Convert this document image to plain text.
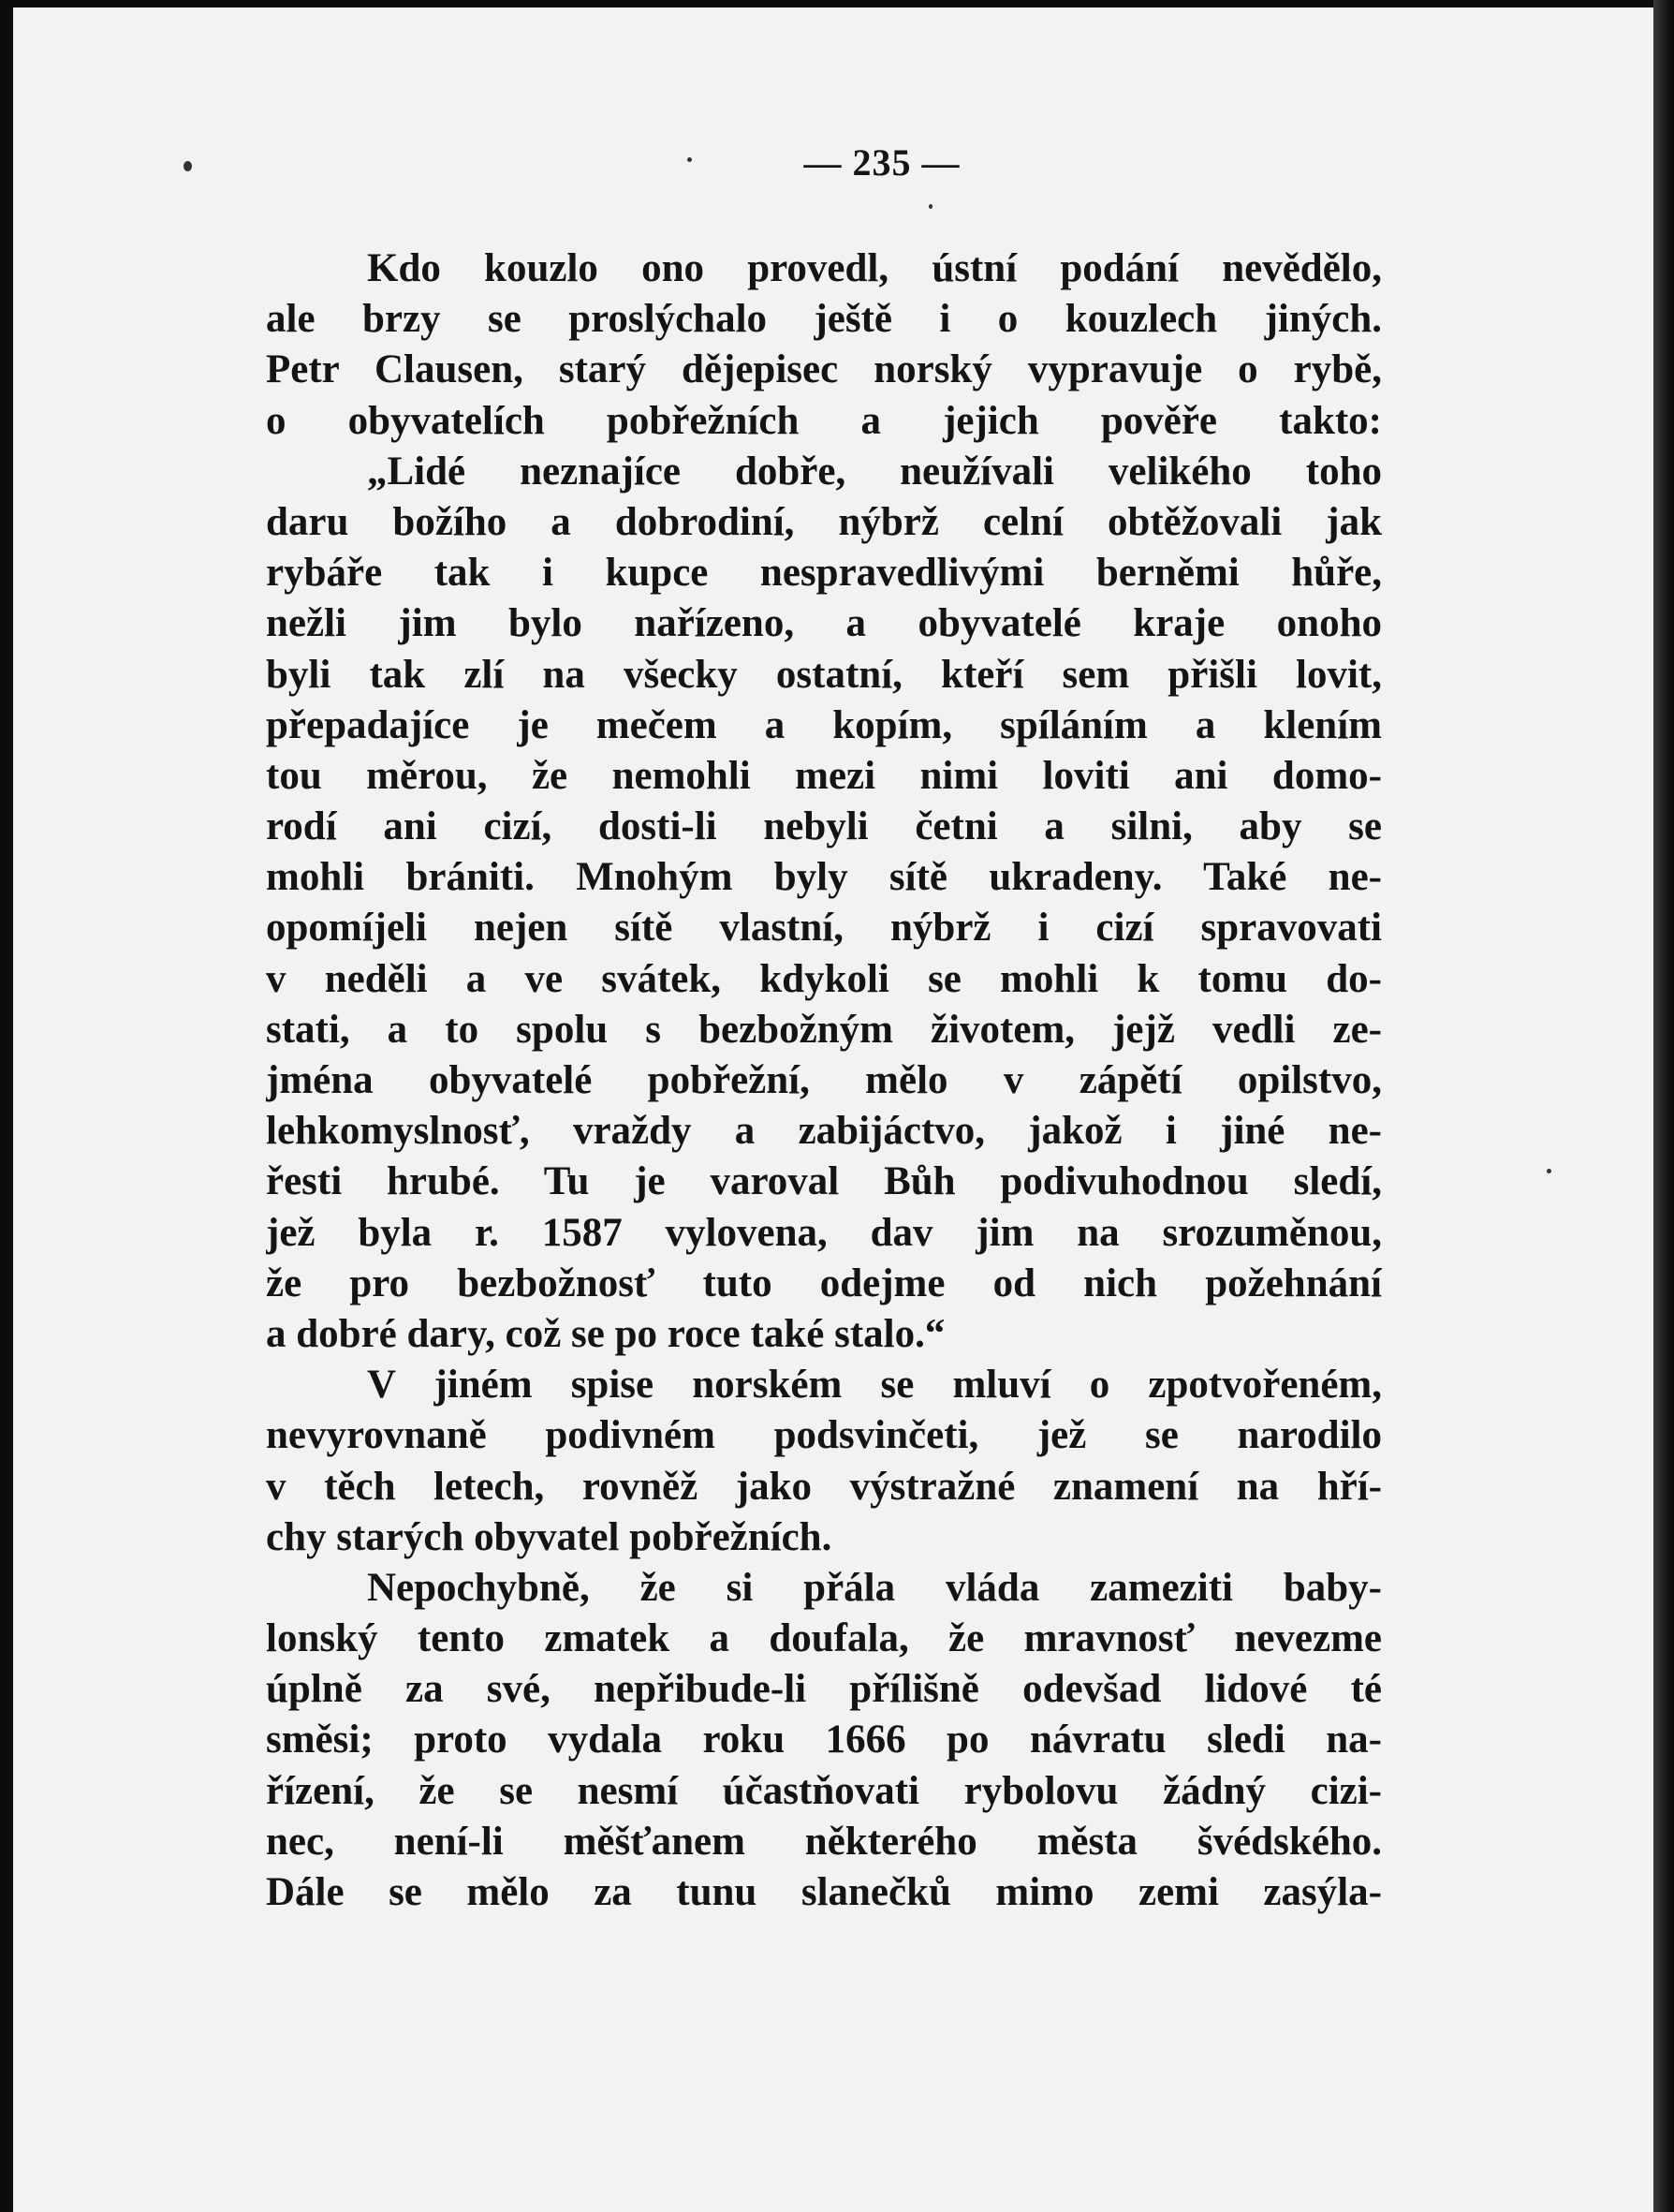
— 235 —
Kdo kouzlo ono provedl, ústní podání nevědělo,
ale brzy se proslýchalo ještě i o kouzlech jiných.
Petr Clausen, starý dějepisec norský vypravuje o rybě,
o obyvatelích pobřežních a jejich pověře takto:
„Lidé neznajíce dobře, neužívali velikého toho
daru božího a dobrodiní, nýbrž celní obtěžovali jak
rybáře tak i kupce nespravedlivými berněmi hůře,
nežli jim bylo nařízeno, a obyvatelé kraje onoho
byli tak zlí na všecky ostatní, kteří sem přišli lovit,
přepadajíce je mečem a kopím, spíláním a klením
tou měrou, že nemohli mezi nimi loviti ani domo-
rodí ani cizí, dosti-li nebyli četni a silni, aby se
mohli brániti. Mnohým byly sítě ukradeny. Také ne-
opomíjeli nejen sítě vlastní, nýbrž i cizí spravovati
v neděli a ve svátek, kdykoli se mohli k tomu do-
stati, a to spolu s bezbožným životem, jejž vedli ze-
jména obyvatelé pobřežní, mělo v zápětí opilstvo,
lehkomyslnosť, vraždy a zabijáctvo, jakož i jiné ne-
řesti hrubé. Tu je varoval Bůh podivuhodnou sledí,
jež byla r. 1587 vylovena, dav jim na srozuměnou,
že pro bezbožnosť tuto odejme od nich požehnání
a dobré dary, což se po roce také stalo.“
V jiném spise norském se mluví o zpotvořeném,
nevyrovnaně podivném podsvinčeti, jež se narodilo
v těch letech, rovněž jako výstražné znamení na hří-
chy starých obyvatel pobřežních.
Nepochybně, že si přála vláda zameziti baby-
lonský tento zmatek a doufala, že mravnosť nevezme
úplně za své, nepřibude-li přílišně odevšad lidové té
směsi; proto vydala roku 1666 po návratu sledi na-
řízení, že se nesmí účastňovati rybolovu žádný cizi-
nec, není-li měšťanem některého města švédského.
Dále se mělo za tunu slanečků mimo zemi zasýla-
